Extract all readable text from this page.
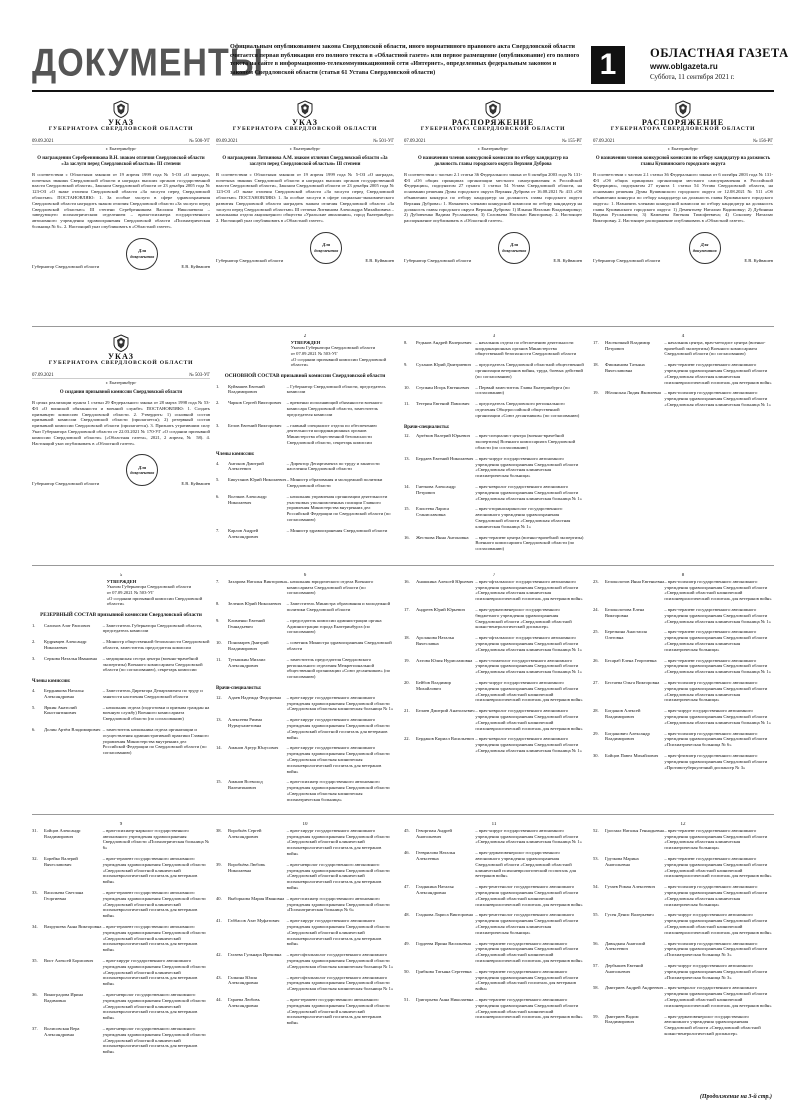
ДОКУМЕНТЫ
Официальным опубликованием закона Свердловской области, иного нормативного правового акта Свердловской области считается первая публикация его полного текста в «Областной газете» или первое размещение (опубликование) его полного текста на сайте в информационно-телекоммуникационной сети «Интернет», определенных федеральным законом и законом Свердловской области (статья 61 Устава Свердловской области)	1	ОБЛАСТНАЯ ГАЗЕТА
www.oblgazeta.ru
Суббота, 11 сентября 2021 г.
УКАЗ
ГУБЕРНАТОРА СВЕРДЛОВСКОЙ ОБЛАСТИ
09.09.2021	№ 500-УГ
г. Екатеринбург
О награждении Серебренникова В.Н. знаком отличия Свердловской области «За заслуги перед Свердловской областью» III степени
В соответствии с Областным законом от 19 апреля 1999 года № 5-ОЗ «О наградах, почетных званиях Свердловской области и наградах высших органов государственной власти Свердловской области», Законом Свердловской области от 23 декабря 2005 года № 123-ОЗ «О знаке отличия Свердловской области «За заслуги перед Свердловской областью» ПОСТАНОВЛЯЮ: 1. За особые заслуги в сфере здравоохранения Свердловской области наградить знаком отличия Свердловской области «За заслуги перед Свердловской областью» III степени Серебренникова Василия Николаевича – заведующего психиатрическим отделением – врача-психиатра государственного автономного учреждения здравоохранения Свердловской области «Психиатрическая больница № 6». 2. Настоящий указ опубликовать в «Областной газете».
Губернатор Свердловской области
Для документов
Е.В. Куйвашев
УКАЗ
ГУБЕРНАТОРА СВЕРДЛОВСКОЙ ОБЛАСТИ
09.09.2021	№ 501-УГ
г. Екатеринбург
О награждении Литвинова А.М. знаком отличия Свердловской области «За заслуги перед Свердловской областью» III степени
В соответствии с Областным законом от 19 апреля 1999 года № 5-ОЗ «О наградах, почетных званиях Свердловской области и наградах высших органов государственной власти Свердловской области», Законом Свердловской области от 23 декабря 2005 года № 123-ОЗ «О знаке отличия Свердловской области «За заслуги перед Свердловской областью» ПОСТАНОВЛЯЮ: 1. За особые заслуги в сфере социально-экономического развития Свердловской области наградить знаком отличия Свердловской области «За заслуги перед Свердловской областью» III степени Литвинова Александра Михайловича – начальника отдела акционерного общества «Уральские авиалинии», город Екатеринбург. 2. Настоящий указ опубликовать в «Областной газете».
Губернатор Свердловской области
Для документов
Е.В. Куйвашев
РАСПОРЯЖЕНИЕ
ГУБЕРНАТОРА СВЕРДЛОВСКОЙ ОБЛАСТИ
07.09.2021	№ 155-РГ
г. Екатеринбург
О назначении членов конкурсной комиссии по отбору кандидатур на должность главы городского округа Верхняя Дуброва
В соответствии с частью 2.1 статьи 36 Федерального закона от 6 октября 2003 года № 131-ФЗ «Об общих принципах организации местного самоуправления в Российской Федерации», подпунктом 27 пункта 1 статьи 54 Устава Свердловской области, на основании решения Думы городского округа Верхняя Дуброва от 16.08.2021 № 413 «Об объявлении конкурса по отбору кандидатур на должность главы городского округа Верхняя Дуброва»: 1. Назначить членами конкурсной комиссии по отбору кандидатур на должность главы городского округа Верхняя Дуброва: 1) Ильина Наталью Владимировну; 2) Дубовченко Вадима Руслановича; 3) Соловьева Наталью Викторовну. 2. Настоящее распоряжение опубликовать в «Областной газете».
Губернатор Свердловской области
Для документов
Е.В. Куйвашев
РАСПОРЯЖЕНИЕ
ГУБЕРНАТОРА СВЕРДЛОВСКОЙ ОБЛАСТИ
07.09.2021	№ 156-РГ
г. Екатеринбург
О назначении членов конкурсной комиссии по отбору кандидатур на должность главы Кушвинского городского округа
В соответствии с частью 2.1 статьи 36 Федерального закона от 6 октября 2003 года № 131-ФЗ «Об общих принципах организации местного самоуправления в Российской Федерации», подпунктом 27 пункта 1 статьи 54 Устава Свердловской области, на основании решения Думы Кушвинского городского округа от 12.08.2021 № 511 «Об объявлении конкурса по отбору кандидатур на должность главы Кушвинского городского округа»: 1. Назначить членами конкурсной комиссии по отбору кандидатур на должность главы Кушвинского городского округа: 1) Дементьеву Наталью Вадимовну; 2) Дубинина Вадима Руслановича; 3) Каменева Евгения Тимофеевича; 4) Соколову Наталью Викторовну. 2. Настоящее распоряжение опубликовать в «Областной газете».
Губернатор Свердловской области
Для документов
Е.В. Куйвашев
УКАЗ
ГУБЕРНАТОРА СВЕРДЛОВСКОЙ ОБЛАСТИ
07.09.2021	№ 503-УГ
г. Екатеринбург
О создании призывной комиссии Свердловской области
В целях реализации пункта 1 статьи 29 Федерального закона от 28 марта 1998 года № 53-ФЗ «О воинской обязанности и военной службе» ПОСТАНОВЛЯЮ: 1. Создать призывную комиссию Свердловской области. 2. Утвердить: 1) основной состав призывной комиссии Свердловской области (прилагается); 2) резервный состав призывной комиссии Свердловской области (прилагается). 3. Признать утратившим силу Указ Губернатора Свердловской области от 22.03.2021 № 170-УГ «О создании призывной комиссии Свердловской области» («Областная газета», 2021, 2 апреля, № 58). 4. Настоящий указ опубликовать в «Областной газете».
Губернатор Свердловской области
Для документов
Е.В. Куйвашев
2
УТВЕРЖДЕН
Указом Губернатора Свердловской области
от 07.09.2021 № 503-УГ
«О создании призывной комиссии Свердловской области»
ОСНОВНОЙ СОСТАВ призывной комиссии Свердловской области
1.	Куйвашев Евгений Владимирович
– Губернатор Свердловской области, председатель комиссии
2.	Чарков Сергей Викторович	– временно исполняющий обязанности военного комиссара Свердловской области, заместитель председателя комиссии
3.	Белов Евгений Викторович	– главный специалист отдела по обеспечению деятельности координационных органов Министерства общественной безопасности Свердловской области, секретарь комиссии
Члены комиссии:
4.	Антонов Дмитрий Алексеевич
– Директор Департамента по труду и занятости населения Свердловской области
5.	Бикутанов Юрий Николаевич – Министр образования и молодежной политики Свердловской области
6.	Волчков Александр Николаевич
– начальник управления организации деятельности участковых уполномоченных полиции Главного управления Министерства внутренних дел Российской Федерации по Свердловской области (по согласованию)
7.	Карлов Андрей Александрович
– Министр здравоохранения Свердловской области
3
8.	Редьков Андрей Валерьевич – начальник отдела по обеспечению деятельности координационных органов Министерства общественной безопасности Свердловской области
9.	Суханов Юрий Дмитриевич – председатель Свердловской областной общественной организации ветеранов войны, труда, боевых действий (по согласованию)
10.	Ступкин Игорь Евгеньевич	– Первый заместитель Главы Екатеринбурга (по согласованию)
11.	Тетерин Евгений Павлович	– председатель Свердловского регионального отделения Общероссийской общественной организации «Союз десантников» (по согласованию)
Врачи-специалисты:
12.	Артёмов Валерий Юрьевич	– врач-специалист центра (военно-врачебной экспертизы) Военного комиссариата Свердловской области (по согласованию)
13.	Бердаев Евгений Николаевич – врач-хирург государственного автономного учреждения здравоохранения Свердловской области «Свердловская областная клиническая психиатрическая больница»
14.	Гнеткова Александр Петрович
– врач-невролог государственного автономного учреждения здравоохранения Свердловской области «Свердловская областная клиническая больница № 1»
15.	Елисеева Лариса Станиславовна
– врач-оториноларинголог государственного автономного учреждения здравоохранения Свердловской области «Свердловская областная клиническая больница № 1»
16.	Жесткова Инна Антоновна	– врач-терапевт центра (военно-врачебной экспертизы) Военного комиссариата Свердловской области (по согласованию)
4
17.	Насекочный Владимир Петрович
– начальник центра, врач-методист центра (военно-врачебной экспертизы) Военного комиссариата Свердловской области (по согласованию)
18.	Фишкинова Татьяна Вячеславовна
– врач-терапевт государственного автономного учреждения здравоохранения Свердловской области «Свердловская областная клиническая психоневрологический госпиталь для ветеранов войн»
19.	Яблонская Лидия Яковлевна – врач-психиатр государственного автономного учреждения здравоохранения Свердловской области «Свердловская областная клиническая больница № 1»
5
УТВЕРЖДЕН
Указом Губернатора Свердловской области
от 07.09.2021 № 503-УГ
«О создании призывной комиссии Свердловской области»
РЕЗЕРВНЫЙ СОСТАВ призывной комиссии Свердловской области
1.	Салихов Азат Раисович	– Заместитель Губернатора Свердловской области, председатель комиссии
2.	Кудрявцев Александр Николаевич
– Министр общественной безопасности Свердловской области, заместитель председателя комиссии
3.	Серкова Наталья Ивановна	– медицинская сестра центра (военно-врачебной экспертизы) Военного комиссариата Свердловской области (по согласованию), секретарь комиссии
Члены комиссии:
4.	Бердникова Наталья Александровна
– Заместитель Директора Департамента по труду и занятости населения Свердловской области
5.	Яркин Анатолий Константинович
– начальник отдела (подготовки и призыва граждан на военную службу) Военного комиссариата Свердловской области (по согласованию)
6.	Долин Артём Владимирович – заместитель начальника отдела организации и осуществления административной практики Главного управления Министерства внутренних дел Российской Федерации по Свердловской области (по согласованию)
6
7.	Захарова Наталья Викторовна – начальник юридического отдела Военного комиссариата Свердловской области (по согласованию)
8.	Зеленов Юрий Николаевич	– Заместитель Министра образования и молодежной политики Свердловской области
9.	Клименко Евгений Геннадьевич
– председатель комиссии администрации органа Администрации города Екатеринбурга (по согласованию)
10.	Пономарев Дмитрий Владимирович
– советник Министра здравоохранения Свердловской области
11.	Тутышкин Михаил Александрович
– заместитель председателя Свердловского регионального отделения Межрегиональной общественной организации «Союз десантников» (по согласованию)
Врачи-специалисты:
12.	Адаев Надежда Федоровна	– врач-хирург государственного автономного учреждения здравоохранения Свердловской области «Свердловская областная клиническая больница № 1»
13.	Алексеева Римма Нурмухаметовна
– врач-хирург государственного автономного учреждения здравоохранения Свердловской области «Свердловский областной госпиталь для ветеранов войн»
14.	Аманов Артур Юнусович	– врач-хирург государственного автономного учреждения здравоохранения Свердловской области «Свердловская областная клиническая психоневрологический госпиталь для ветеранов войн»
15.	Аманов Всеволод Валентинович
– врач-психиатр государственного автономного учреждения здравоохранения Свердловской области «Свердловская областная клиническая психиатрическая больница»
7
16.	Анашкина Алексей Юрьевич – врач-офтальмолог государственного автономного учреждения здравоохранения Свердловской области «Свердловская областная клиническая психоневрологический госпиталь для ветеранов войн»
17.	Андреев Юрий Юрьевич	– врач-дерматовенеролог государственного бюджетного учреждения здравоохранения Свердловской области «Свердловский областной кожно-венерологический диспансер»
18.	Арсланова Наталья Вячеславна
– врач-офтальмолог государственного автономного учреждения здравоохранения Свердловской области «Свердловская областная клиническая больница № 1»
19.	Ахтова Юлия Нурисламовна – врач-стоматолог государственного автономного учреждения здравоохранения Свердловской области «Свердловская областная клиническая больница № 1»
20.	Бейбов Владимир Михайлович
– врач-хирург государственного автономного учреждения здравоохранения Свердловской области «Свердловский областной клинический психоневрологический госпиталь для ветеранов войн»
21.	Белаев Дмитрий Анатольевич – врач-невролог государственного автономного учреждения здравоохранения Свердловской области «Свердловский областной клинический психоневрологический госпиталь для ветеранов войн»
22.	Бердаков Кирилл Васильевич – врач-невролог государственного автономного учреждения здравоохранения Свердловской области «Свердловская областная клиническая больница № 1»
8
23.	Белоколотов Инна Евгеньевна – врач-психиатр государственного автономного учреждения здравоохранения Свердловской области «Свердловский областной клинический психоневрологический госпиталь для ветеранов войн»
24.	Белоколотова Елена Викторовна
– врач-терапевт государственного автономного учреждения здравоохранения Свердловской области «Свердловская областная клиническая больница № 1»
25.	Березкина Анастасия Олеговна
– врач-терапевт государственного автономного учреждения здравоохранения Свердловской области «Свердловская областная клиническая психиатрическая больница»
26.	Бесараб Елена Георгиевна	– врач-терапевт государственного автономного учреждения здравоохранения Свердловской области «Свердловская областная клиническая больница № 1»
27.	Бестаева Ольга Викторовна	– врач-психиатр государственного автономного учреждения здравоохранения Свердловской области «Свердловская областная клиническая психиатрическая больница»
28.	Богданов Алексей Владимирович
– врач-хирург государственного автономного учреждения здравоохранения Свердловской области «Свердловская областная клиническая больница № 1»
29.	Богданович Александр Владимирович
– врач-психиатр государственного автономного учреждения здравоохранения Свердловской области «Психиатрическая больница № 6»
30.	Бойцов Павел Михайлович	– врач-фтизиатр государственного автономного учреждения здравоохранения Свердловской области «Противотуберкулезный диспансер № 3»
9
31.	Бойцов Александр Владимирович
– врач-психиатр-нарколог государственного автономного учреждения здравоохранения Свердловской области «Психиатрическая больница № 6»
32.	Борейко Валерий Вячеславович
– врач-терапевт государственного автономного учреждения здравоохранения Свердловской области «Свердловский областной клинический психоневрологический госпиталь для ветеранов войн»
33.	Васильева Светлана Георгиевна
– врач-терапевт государственного автономного учреждения здравоохранения Свердловской области «Свердловский областной клинический психоневрологический госпиталь для ветеранов войн»
34.	Вахрушева Анна Викторовна – врач-терапевт государственного автономного учреждения здравоохранения Свердловской области «Свердловский областной клинический психоневрологический госпиталь для ветеранов войн»
35.	Вист Алексей Борисович	– врач-хирург государственного автономного учреждения здравоохранения Свердловской области «Свердловский областной клинический психоневрологический госпиталь для ветеранов войн»
36.	Виноградова Ирина Вадимовна
– врач-невролог государственного автономного учреждения здравоохранения Свердловской области «Свердловский областной клинический психоневрологический госпиталь для ветеранов войн»
37.	Волисовская Вера Александровна
– врач-невролог государственного автономного учреждения здравоохранения Свердловской области «Свердловский областной клинический психоневрологический госпиталь для ветеранов войн»
10
38.	Воробьёв Сергей Александрович
– врач-хирург государственного автономного учреждения здравоохранения Свердловской области «Свердловский областной клинический психоневрологический госпиталь для ветеранов войн»
39.	Воробьёва Любовь Николаевна
– врач-невролог государственного автономного учреждения здравоохранения Свердловской области «Свердловский областной клинический психоневрологический госпиталь для ветеранов войн»
40.	Выборнова Мария Ивановна – врач-психиатр государственного автономного учреждения здравоохранения Свердловской области «Психиатрическая больница № 6»
41.	Габбасов Азат Муфатович	– врач-хирург государственного автономного учреждения здравоохранения Свердловской области «Свердловский областной клинический психоневрологический госпиталь для ветеранов войн»
42.	Гагаева Гульнара Ирековна	– врач-офтальмолог государственного автономного учреждения здравоохранения Свердловской области «Свердловская областная клиническая больница № 1»
43.	Галкина Юлия Александровна
– врач-офтальмолог государственного автономного учреждения здравоохранения Свердловской области «Свердловская областная клиническая больница № 1»
44.	Гараева Любовь Александровна
– врач-терапевт государственного автономного учреждения здравоохранения Свердловской области «Свердловский областной клинический психоневрологический госпиталь для ветеранов войн»
11
45.	Геворгиан Андрей Анатольевич
– врач-хирург государственного автономного учреждения здравоохранения Свердловской области «Свердловская областная клиническая больница № 1»
46.	Гееврилова Наталья Алексеевна
– врач-дерматовенеролог государственного автономного учреждения здравоохранения Свердловской области «Свердловский областной клинический психоневрологический госпиталь для ветеранов войн»
47.	Гладнкина Наталья Александровна
– врач-рентгенолог государственного автономного учреждения здравоохранения Свердловской области «Свердловский областной клинический психоневрологический госпиталь для ветеранов войн»
48.	Гладкова Лариса Викторовна – врач-рентгенолог государственного автономного учреждения здравоохранения Свердловской области «Свердловская областная клиническая психиатрическая больница»
49.	Гордеева Ирина Васильевна – врач-терапевт государственного автономного учреждения здравоохранения Свердловской области «Свердловский областной клинический психоневрологический госпиталь для ветеранов войн»
50.	Грибкова Татьяна Сергеевна – врач-терапевт государственного автономного учреждения здравоохранения Свердловской области «Свердловский областной госпиталь для ветеранов войн»
51.	Григорьева Анна Николаевна – врач-терапевт государственного автономного учреждения здравоохранения Свердловской области «Свердловский областной клинический психоневрологический госпиталь для ветеранов войн»
12
52.	Гросмал Наталья Геннадьевна – врач-терапевт государственного автономного учреждения здравоохранения Свердловской области «Свердловская областная клиническая психиатрическая больница»
53.	Грузкова Марина Анатольевна
– врач-терапевт государственного автономного учреждения здравоохранения Свердловской области «Свердловский областной клинический психоневрологический госпиталь для ветеранов войн»
54.	Гузаев Роман Алексеевич	– врач-психиатр государственного автономного учреждения здравоохранения Свердловской области «Свердловская областная клиническая психиатрическая больница»
55.	Гусен Денис Валерьевич	– врач-хирург государственного автономного учреждения здравоохранения Свердловской области «Свердловский областной клинический психоневрологический госпиталь для ветеранов войн»
56.	Давыдкин Анатолий Алексеевич
– врач-психиатр государственного автономного учреждения здравоохранения Свердловской области «Психиатрическая больница № 3»
57.	Дербышев Евгений Анатольевич
– врач-хирург государственного автономного учреждения здравоохранения Свердловской области «Психиатрическая больница № 3»
58.	Дмитриев Андрей Андреевич – врач-невролог государственного автономного учреждения здравоохранения Свердловской области «Свердловский областной клинический психоневрологический госпиталь для ветеранов войн»
59.	Дмитриев Вадим Владимирович
– врач-дерматовенеролог государственного автономного учреждения здравоохранения Свердловской области «Свердловский областной кожно-венерологический диспансер»
(Продолжение на 3-й стр.)
